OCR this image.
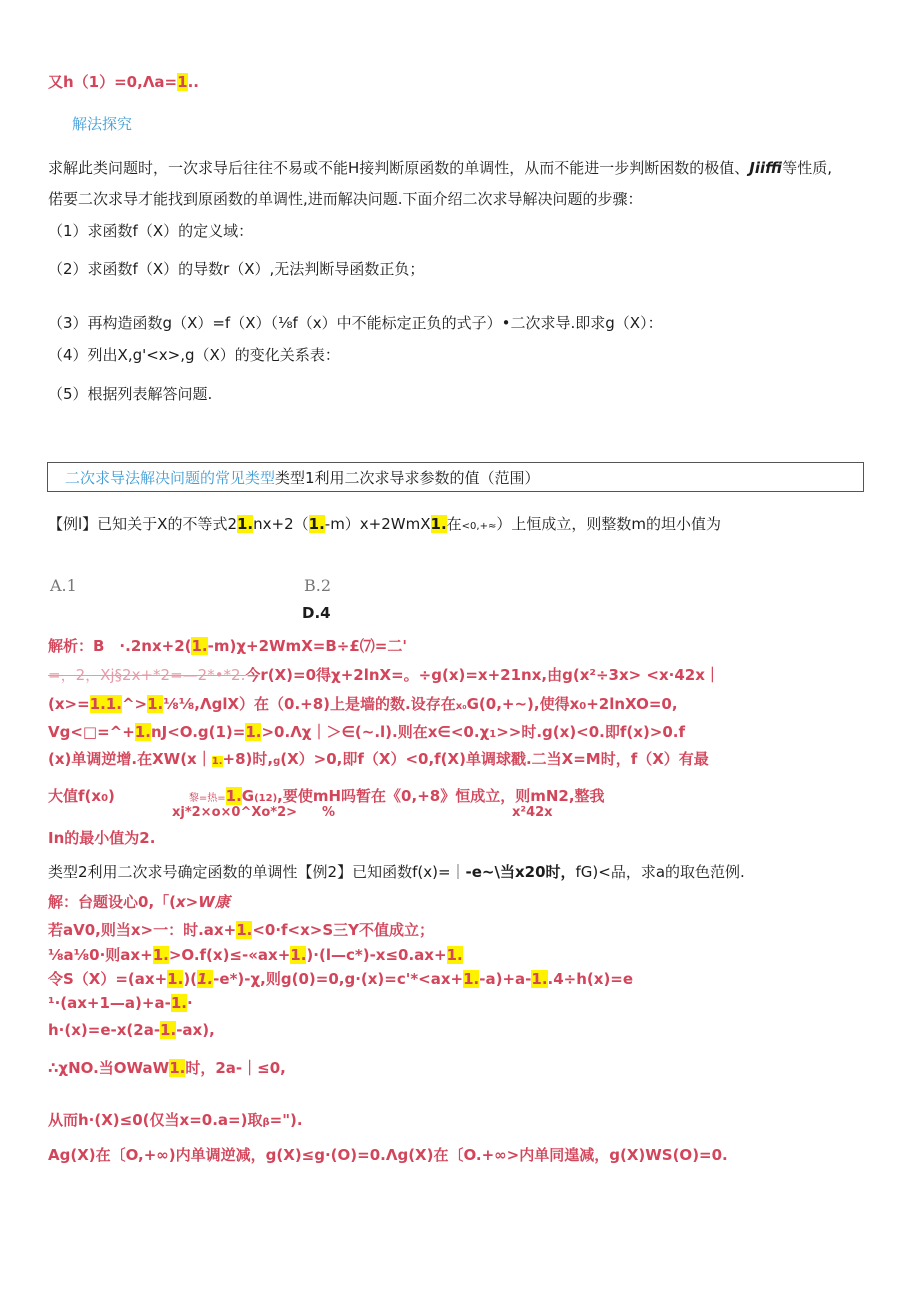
又h（1）=0,Λa=1..
解法探究
求解此类问题时，一次求导后往往不易或不能H接判断原函数的单调性，从而不能进一步判断困数的极值、Jiiffi等性质,
偌要二次求导才能找到原函数的单调性,进而解决问题.下面介绍二次求导解决问题的步骤：
（1）求函数f（X）的定义域：
（2）求函数f（X）的导数r（X）,无法判断导函数正负；
（3）再构造函数g（X）=f（X）（⅛f（x）中不能标定正负的式子）•二次求导.即求g（X）：
（4）列出X,g'<x>,g（X）的变化关系表：
（5）根据列表解答问题.
二次求导法解决问题的常见类型类型1利用二次求导求参数的值（范围）
【例l】已知关于X的不等式21.nx+2（1.-m）x+2WmX1.在<0,+≈）上恒成立，则整数m的坦小值为
A.1	B.2
D.4
解析：B　·.2nx+2(1.-m)χ+2WmX=B÷£⑺=二'
=，2，Xj§2x+*2=—2*•*2.今r(X)=0得χ+2lnX=。÷g(x)=x+21nx,由g(x²÷3x> <x·42x｜
(x>=1.1.^>1.⅛⅛,ΛglX）在（0.+8)上是墙的数.设存在x₀G(0,+~),使得x0+2lnXO=0,
Vg<□=^+1.nJ<O.g(1)=1.>0.Λχ｜＞∈(~.l).则在x∈<0.χ1>>时.g(x)<0.即f(x)>0.f
(x)单调逆增.在XW(x｜1.+8)时,g(X）>0,即f（X）<0,f(X)单调球戳.二当X=M时，f（X）有最
大值f(x0)	黎=热=1.G(12),要使mH吗暂在《0,+8》恒成立，则mN2,整我
xj*2×o×0^Xo*2> %	x²42x
In的最小值为2.
类型2利用二次求号确定函数的单调性【例2】已知函数f(x)=｜-e~\当x20时，fG)<品，求a的取色范例.
解：台题设心0,「(x>W康
若aV0,则当x>一：时.ax+1.<0·f<x>S三Y不值成立；
⅛a⅛0·则ax+1.>O.f(x)≤-«ax+1.)·(l—c*)-x≤0.ax+1.
令S（X）=(ax+1.)(1.-e*)-χ,则g(0)=0,g·(x)=c'*<ax+1.-a)+a-1..4÷h(x)=e
¹·(ax+1—a)+a-1.·
h·(x)=e-x(2a-1.-ax),
∴χNO.当OWaW1.时，2a-｜≤0,
从而h·(X)≤0(仅当x=0.a=)取β=").
Ag(X)在〔O,+∞)内单调逆减，g(X)≤g·(O)=0.Λg(X)在〔O.+∞>内单同遑减，g(X)WS(O)=0.
